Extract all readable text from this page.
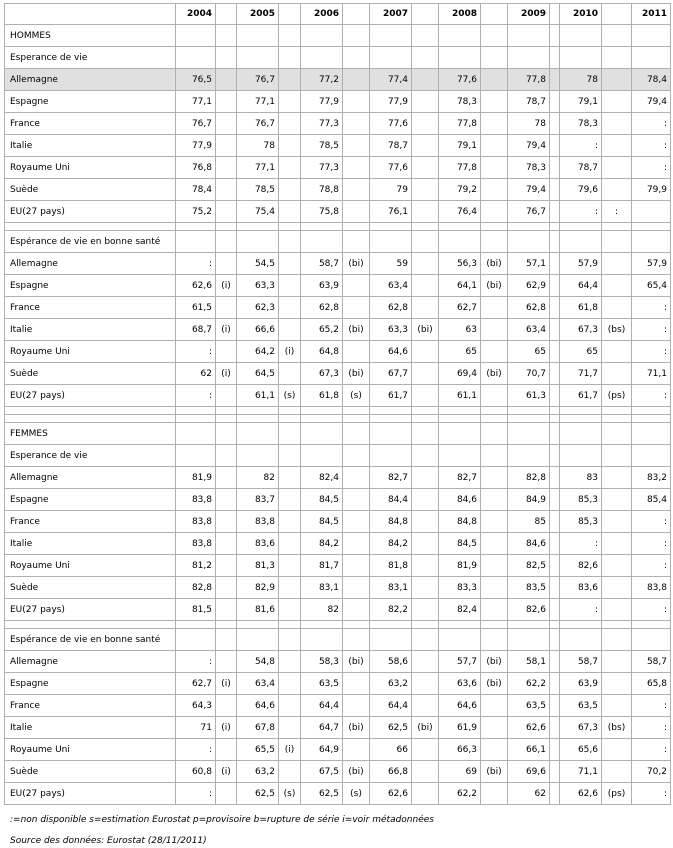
	2004		2005		2006		2007		2008		2009		2010		2011
HOMMES															
Esperance de vie															
Allemagne	76,5		76,7		77,2		77,4		77,6		77,8		78		78,4
Espagne	77,1		77,1		77,9		77,9		78,3		78,7		79,1		79,4
France	76,7		76,7		77,3		77,6		77,8		78		78,3		:
Italie	77,9		78		78,5		78,7		79,1		79,4		:		:
Royaume Uni	76,8		77,1		77,3		77,6		77,8		78,3		78,7		:
Suède	78,4		78,5		78,8		79		79,2		79,4		79,6		79,9
EU(27 pays)	75,2		75,4		75,8		76,1		76,4		76,7		:	:	

Espérance de vie en bonne santé															
Allemagne	:		54,5		58,7	(bi)	59		56,3	(bi)	57,1		57,9		57,9
Espagne	62,6	(i)	63,3		63,9		63,4		64,1	(bi)	62,9		64,4		65,4
France	61,5		62,3		62,8		62,8		62,7		62,8		61,8		:
Italie	68,7	(i)	66,6		65,2	(bi)	63,3	(bi)	63		63,4		67,3	(bs)	:
Royaume Uni	:		64,2	(i)	64,8		64,6		65		65		65		:
Suède	62	(i)	64,5		67,3	(bi)	67,7		69,4	(bi)	70,7		71,7		71,1
EU(27 pays)	:		61,1	(s)	61,8	(s)	61,7		61,1		61,3		61,7	(ps)	:

FEMMES															
Esperance de vie															
Allemagne	81,9		82		82,4		82,7		82,7		82,8		83		83,2
Espagne	83,8		83,7		84,5		84,4		84,6		84,9		85,3		85,4
France	83,8		83,8		84,5		84,8		84,8		85		85,3		:
Italie	83,8		83,6		84,2		84,2		84,5		84,6		:		:
Royaume Uni	81,2		81,3		81,7		81,8		81,9		82,5		82,6		:
Suède	82,8		82,9		83,1		83,1		83,3		83,5		83,6		83,8
EU(27 pays)	81,5		81,6		82		82,2		82,4		82,6		:		:

Espérance de vie en bonne santé															
Allemagne	:		54,8		58,3	(bi)	58,6		57,7	(bi)	58,1		58,7		58,7
Espagne	62,7	(i)	63,4		63,5		63,2		63,6	(bi)	62,2		63,9		65,8
France	64,3		64,6		64,4		64,4		64,6		63,5		63,5		:
Italie	71	(i)	67,8		64,7	(bi)	62,5	(bi)	61,9		62,6		67,3	(bs)	:
Royaume Uni	:		65,5	(i)	64,9		66		66,3		66,1		65,6		:
Suède	60,8	(i)	63,2		67,5	(bi)	66,8		69	(bi)	69,6		71,1		70,2
EU(27 pays)	:		62,5	(s)	62,5	(s)	62,6		62,2		62		62,6	(ps)	:
:=non disponible s=estimation Eurostat p=provisoire b=rupture de série i=voir métadonnées
Source des données: Eurostat (28/11/2011)
